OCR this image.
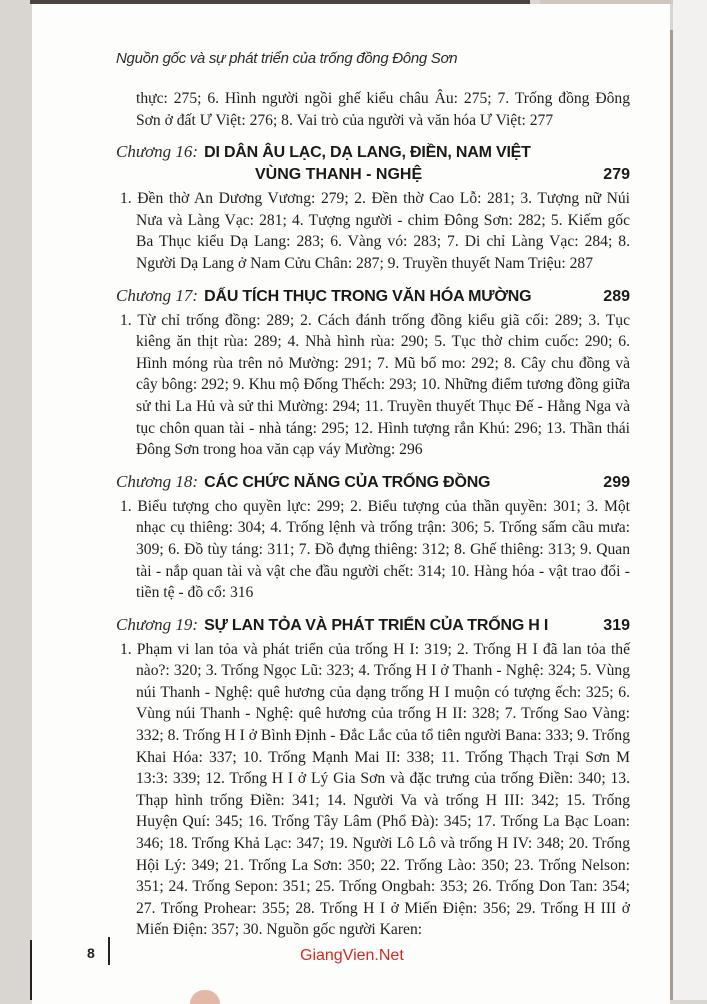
Nguồn gốc và sự phát triển của trống đồng Đông Sơn
thực: 275; 6. Hình người ngồi ghế kiểu châu Âu: 275; 7. Trống đồng Đông Sơn ở đất Ư Việt: 276; 8. Vai trò của người và văn hóa Ư Việt: 277
Chương 16: DI DÂN ÂU LẠC, DẠ LANG, ĐIỀN, NAM VIỆT
VÙNG THANH - NGHỆ	279
1. Đền thờ An Dương Vương: 279; 2. Đền thờ Cao Lỗ: 281; 3. Tượng nữ Núi Nưa và Làng Vạc: 281; 4. Tượng người - chim Đông Sơn: 282; 5. Kiếm gốc Ba Thục kiểu Dạ Lang: 283; 6. Vàng vó: 283; 7. Di chỉ Làng Vạc: 284; 8. Người Dạ Lang ở Nam Cửu Chân: 287; 9. Truyền thuyết Nam Triệu: 287
Chương 17: DẤU TÍCH THỤC TRONG VĂN HÓA MƯỜNG	289
1. Từ chỉ trống đồng: 289; 2. Cách đánh trống đồng kiểu giã cối: 289; 3. Tục kiêng ăn thịt rùa: 289; 4. Nhà hình rùa: 290; 5. Tục thờ chim cuốc: 290; 6. Hình móng rùa trên nỏ Mường: 291; 7. Mũ bố mo: 292; 8. Cây chu đồng và cây bông: 292; 9. Khu mộ Đống Thếch: 293; 10. Những điểm tương đồng giữa sử thi La Hủ và sử thi Mường: 294; 11. Truyền thuyết Thục Đế - Hằng Nga và tục chôn quan tài - nhà táng: 295; 12. Hình tượng rắn Khú: 296; 13. Thần thái Đông Sơn trong hoa văn cạp váy Mường: 296
Chương 18: CÁC CHỨC NĂNG CỦA TRỐNG ĐỒNG	299
1. Biểu tượng cho quyền lực: 299; 2. Biểu tượng của thần quyền: 301; 3. Một nhạc cụ thiêng: 304; 4. Trống lệnh và trống trận: 306; 5. Trống sấm cầu mưa: 309; 6. Đồ tùy táng: 311; 7. Đồ đựng thiêng: 312; 8. Ghế thiêng: 313; 9. Quan tài - nắp quan tài và vật che đầu người chết: 314; 10. Hàng hóa - vật trao đổi - tiền tệ - đồ cổ: 316
Chương 19: SỰ LAN TỎA VÀ PHÁT TRIỂN CỦA TRỐNG H I	319
1. Phạm vi lan tỏa và phát triển của trống H I: 319; 2. Trống H I đã lan tỏa thế nào?: 320; 3. Trống Ngọc Lũ: 323; 4. Trống H I ở Thanh - Nghệ: 324; 5. Vùng núi Thanh - Nghệ: quê hương của dạng trống H I muộn có tượng ếch: 325; 6. Vùng núi Thanh - Nghệ: quê hương của trống H II: 328; 7. Trống Sao Vàng: 332; 8. Trống H I ở Bình Định - Đắc Lắc của tổ tiên người Bana: 333; 9. Trống Khai Hóa: 337; 10. Trống Mạnh Mai II: 338; 11. Trống Thạch Trại Sơn M 13:3: 339; 12. Trống H I ở Lý Gia Sơn và đặc trưng của trống Điền: 340; 13. Thạp hình trống Điền: 341; 14. Người Va và trống H III: 342; 15. Trống Huyện Quí: 345; 16. Trống Tây Lâm (Phổ Đà): 345; 17. Trống La Bạc Loan: 346; 18. Trống Khả Lạc: 347; 19. Người Lô Lô và trống H IV: 348; 20. Trống Hội Lý: 349; 21. Trống La Sơn: 350; 22. Trống Lào: 350; 23. Trống Nelson: 351; 24. Trống Sepon: 351; 25. Trống Ongbah: 353; 26. Trống Don Tan: 354; 27. Trống Prohear: 355; 28. Trống H I ở Miến Điện: 356; 29. Trống H III ở Miến Điện: 357; 30. Nguồn gốc người Karen:
8	GiangVien.Net
